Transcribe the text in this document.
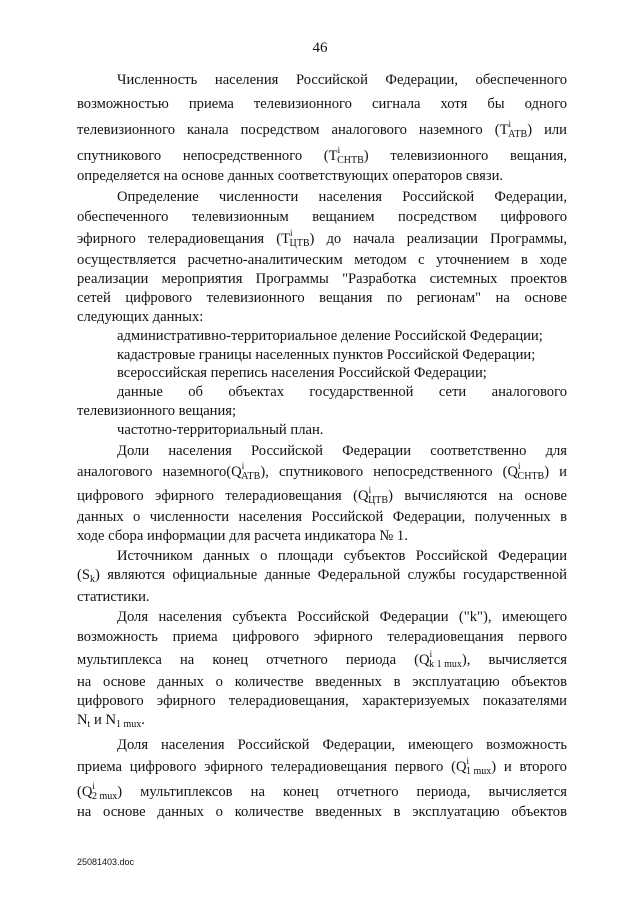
46
Численность населения Российской Федерации, обеспеченного
возможностью приема телевизионного сигнала хотя бы одного
телевизионного канала посредством аналогового наземного $(T^i_{АТВ})$ или
спутникового непосредственного $(T^i_{СНТВ})$ телевизионного вещания,
определяется на основе данных соответствующих операторов связи.
Определение численности населения Российской Федерации,
обеспеченного телевизионным вещанием посредством цифрового
эфирного телерадиовещания $(T^i_{ЦТВ})$ до начала реализации Программы,
осуществляется расчетно-аналитическим методом с уточнением в ходе
реализации мероприятия Программы "Разработка системных проектов
сетей цифрового телевизионного вещания по регионам" на основе
следующих данных:
административно-территориальное деление Российской Федерации;
кадастровые границы населенных пунктов Российской Федерации;
всероссийская перепись населения Российской Федерации;
данные об объектах государственной сети аналогового
телевизионного вещания;
частотно-территориальный план.
Доли населения Российской Федерации соответственно для
аналогового $наземного(Q^i_{АТВ})$, спутникового непосредственного $(Q^i_{СНТВ})$ и
цифрового эфирного телерадиовещания $(Q^i_{ЦТВ})$ вычисляются на основе
данных о численности населения Российской Федерации, полученных в
ходе сбора информации для расчета индикатора № 1.
Источником данных о площади субъектов Российской Федерации
$(S_k)$ являются официальные данные Федеральной службы государственной
статистики.
Доля населения субъекта Российской Федерации ("k"), имеющего
возможность приема цифрового эфирного телерадиовещания первого
мультиплекса на конец отчетного периода $(Q^i_{k 1 mux})$, вычисляется
на основе данных о количестве введенных в эксплуатацию объектов
цифрового эфирного телерадиовещания, характеризуемых показателями
$N_t$ и $N_{1 mux}$.
Доля населения Российской Федерации, имеющего возможность
приема цифрового эфирного телерадиовещания первого $(Q^i_{1 mux})$ и второго
$(Q^i_{2 mux})$ мультиплексов на конец отчетного периода, вычисляется
на основе данных о количестве введенных в эксплуатацию объектов
25081403.doc
